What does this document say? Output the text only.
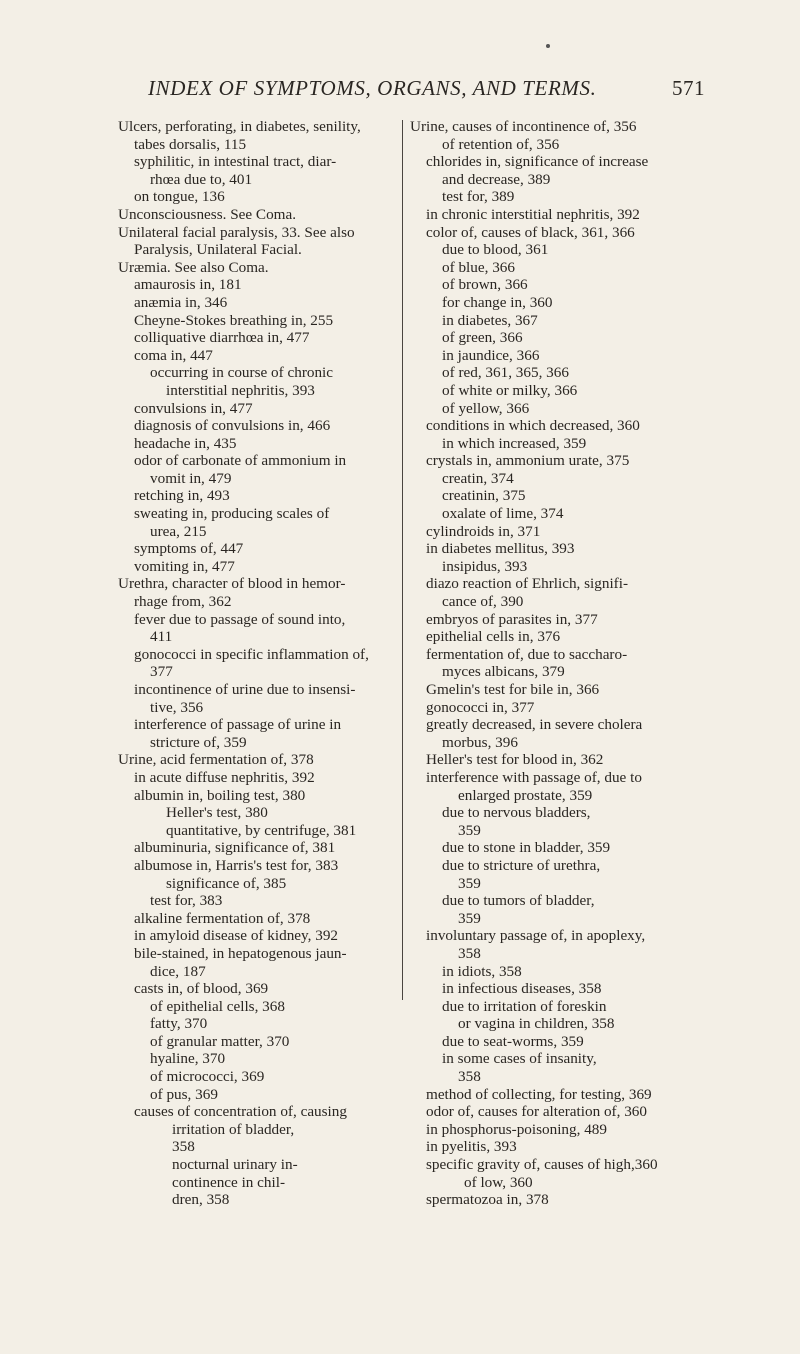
INDEX OF SYMPTOMS, ORGANS, AND TERMS.	571
Ulcers, perforating, in diabetes, senility,
tabes dorsalis, 115
syphilitic, in intestinal tract, diar-
rhœa due to, 401
on tongue, 136
Unconsciousness. See Coma.
Unilateral facial paralysis, 33. See also
Paralysis, Unilateral Facial.
Uræmia. See also Coma.
amaurosis in, 181
anæmia in, 346
Cheyne-Stokes breathing in, 255
colliquative diarrhœa in, 477
coma in, 447
occurring in course of chronic
interstitial nephritis, 393
convulsions in, 477
diagnosis of convulsions in, 466
headache in, 435
odor of carbonate of ammonium in
vomit in, 479
retching in, 493
sweating in, producing scales of
urea, 215
symptoms of, 447
vomiting in, 477
Urethra, character of blood in hemor-
rhage from, 362
fever due to passage of sound into,
411
gonococci in specific inflammation of,
377
incontinence of urine due to insensi-
tive, 356
interference of passage of urine in
stricture of, 359
Urine, acid fermentation of, 378
in acute diffuse nephritis, 392
albumin in, boiling test, 380
Heller's test, 380
quantitative, by centrifuge, 381
albuminuria, significance of, 381
albumose in, Harris's test for, 383
significance of, 385
test for, 383
alkaline fermentation of, 378
in amyloid disease of kidney, 392
bile-stained, in hepatogenous jaun-
dice, 187
casts in, of blood, 369
of epithelial cells, 368
fatty, 370
of granular matter, 370
hyaline, 370
of micrococci, 369
of pus, 369
causes of concentration of, causing
irritation of bladder,
358
nocturnal urinary in-
continence in chil-
dren, 358
Urine, causes of incontinence of, 356
of retention of, 356
chlorides in, significance of increase
and decrease, 389
test for, 389
in chronic interstitial nephritis, 392
color of, causes of black, 361, 366
due to blood, 361
of blue, 366
of brown, 366
for change in, 360
in diabetes, 367
of green, 366
in jaundice, 366
of red, 361, 365, 366
of white or milky, 366
of yellow, 366
conditions in which decreased, 360
in which increased, 359
crystals in, ammonium urate, 375
creatin, 374
creatinin, 375
oxalate of lime, 374
cylindroids in, 371
in diabetes mellitus, 393
insipidus, 393
diazo reaction of Ehrlich, signifi-
cance of, 390
embryos of parasites in, 377
epithelial cells in, 376
fermentation of, due to saccharo-
myces albicans, 379
Gmelin's test for bile in, 366
gonococci in, 377
greatly decreased, in severe cholera
morbus, 396
Heller's test for blood in, 362
interference with passage of, due to
enlarged prostate, 359
due to nervous bladders,
359
due to stone in bladder, 359
due to stricture of urethra,
359
due to tumors of bladder,
359
involuntary passage of, in apoplexy,
358
in idiots, 358
in infectious diseases, 358
due to irritation of foreskin
or vagina in children, 358
due to seat-worms, 359
in some cases of insanity,
358
method of collecting, for testing, 369
odor of, causes for alteration of, 360
in phosphorus-poisoning, 489
in pyelitis, 393
specific gravity of, causes of high,360
of low, 360
spermatozoa in, 378
